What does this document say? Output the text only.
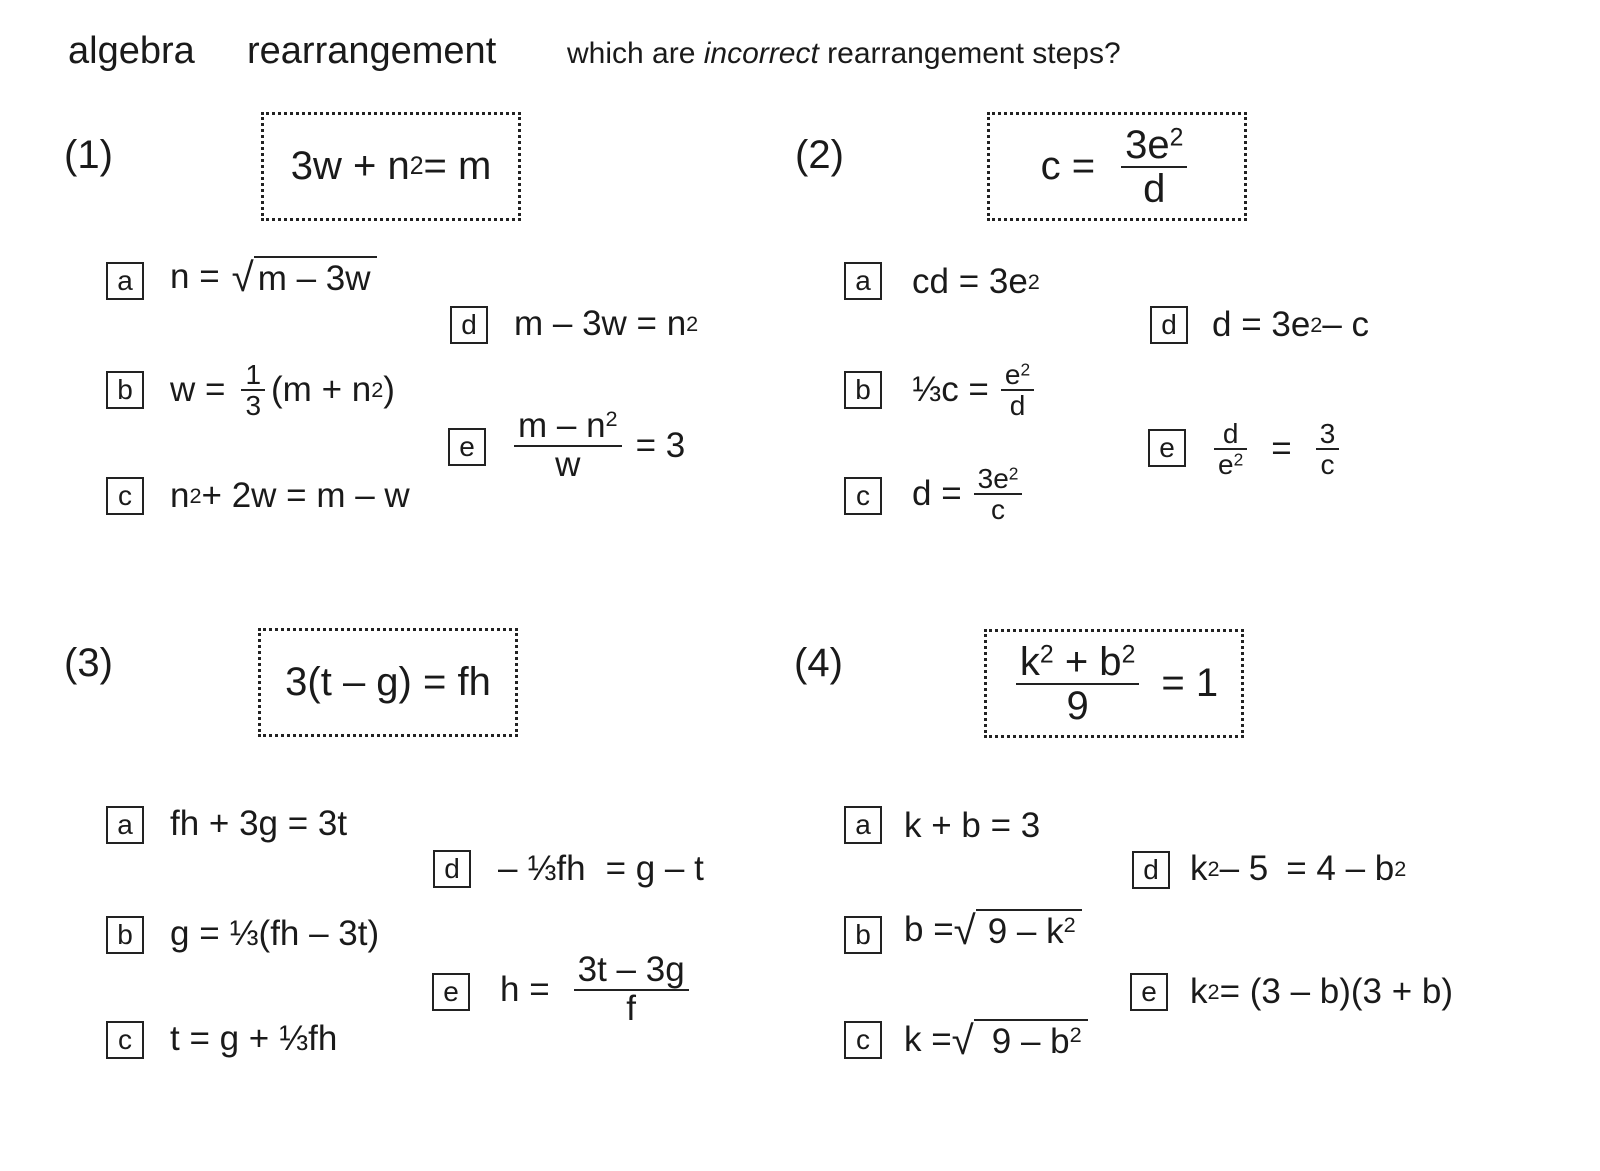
algebra rearrangement which are incorrect rearrangement steps?
(1)	3w + n 2 = m
a	n = √ m – 3w
b	$w = \frac{1}{3} (m + n$ 2 )
c	n 2 + 2w = m – w
d	m – 3w = n 2
e	$\frac{m - n^2}{w} = 3$
(2)	$c = \frac{3e^2}{d}$
a	cd = 3e 2
b	⅓c = $\frac{e^2}{d}$
c	$d = \frac{3e^2}{c}$
d	d = 3e 2 – c
e	$\frac{d}{e^2} = \frac{3}{c}$
(3)	3(t – g) = fh
a	fh + 3g = 3t
b	g = ⅓(fh – 3t)
c	t = g + ⅓fh
d	– ⅓fh = g – t
e	$h = \frac{3t - 3g}{f}$
(4)	$\frac{k^2 + b^2}{9} = 1$
a k + b = 3
b b = √ $9 - k^2$
c k = √ $9 - b^2$
d k 2 – 5 = 4 – b 2
e k 2 = (3 – b)(3 + b)
